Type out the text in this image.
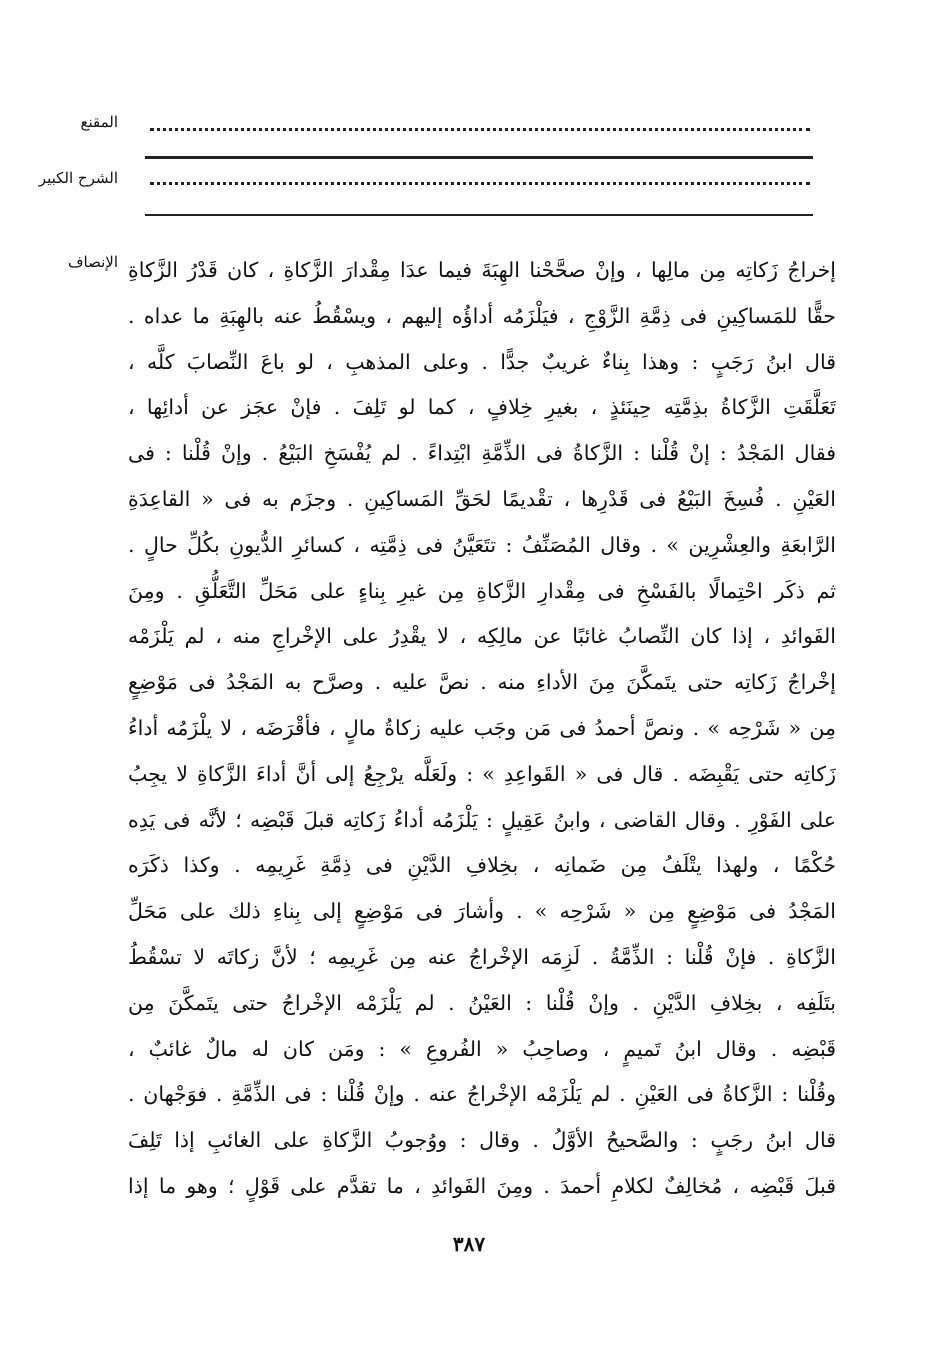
المقنع
الشرح الكبير
الإنصاف إخراجُ زَكاتِه مِن مالِها ، وإنْ صحَّحْنا الهِبَةَ فيما عدَا مِقْدارَ الزَّكاةِ ، كان قَدْرُ الزَّكاةِ
حقًّا للمَساكِينِ فى ذِمَّةِ الزَّوْجِ ، فيَلْزَمُه أداؤُه إليهم ، ويسْقُطُ عنه بالهِبَةِ ما عداه .
قال ابنُ رَجَبٍ : وهذا بِناءٌ غريبٌ جدًّا . وعلى المذهبِ ، لو باعَ النِّصابَ كلَّه ،
تَعَلَّقَتِ الزَّكاةُ بذِمَّتِه حِينَئذٍ ، بغيرِ خِلافٍ ، كما لو تَلِفَ . فإنْ عجَز عن أدائِها ،
فقال المَجْدُ : إنْ قُلْنا : الزَّكاةُ فى الذِّمَّةِ ابْتِداءً . لم يُفْسَخِ البَيْعُ . وإنْ قُلْنا : فى
العَيْنِ . فُسِخَ البَيْعُ فى قَدْرِها ، تقْديمًا لحَقِّ المَساكِينِ . وجزَم به فى « القاعِدَةِ
الرَّابعَةِ والعِشْرِين » . وقال المُصَنِّفُ : تتَعَيَّنُ فى ذِمَّتِه ، كسائرِ الدُّيونِ بكُلِّ حالٍ .
ثم ذكَر احْتِمالًا بالفَسْخِ فى مِقْدارِ الزَّكاةِ مِن غيرِ بِناءٍ على مَحَلِّ التَّعَلُّقِ . ومِنَ
الفَوائدِ ، إذا كان النِّصابُ غائبًا عن مالِكِه ، لا يقْدِرُ على الإخْراجِ منه ، لم يَلْزَمْه
إخْراجُ زَكاتِه حتى يتَمكَّنَ مِنَ الأداءِ منه . نصَّ عليه . وصرَّح به المَجْدُ فى مَوْضِعٍ
مِن « شَرْحِه » . ونصَّ أحمدُ فى مَن وجَب عليه زكاةُ مالٍ ، فأقْرَضَه ، لا يلْزَمُه أداءُ
زَكاتِه حتى يَقْبِضَه . قال فى « القَواعِدِ » : ولَعَلَّه يرْجِعُ إلى أنَّ أداءَ الزَّكاةِ لا يجِبُ
على الفَوْرِ . وقال القاضى ، وابنُ عَقِيلٍ : يَلْزَمُه أداءُ زَكاتِه قبلَ قَبْضِه ؛ لأنَّه فى يَدِه
حُكْمًا ، ولهذا يتْلَفُ مِن ضَمانِه ، بخِلافِ الدَّيْنِ فى ذِمَّةِ غَرِيمِه . وكذا ذكَرَه
المَجْدُ فى مَوْضِعٍ مِن « شَرْحِه » . وأشارَ فى مَوْضِعٍ إلى بِناءِ ذلك على مَحَلِّ
الزَّكاةِ . فإنْ قُلْنا : الذِّمَّةُ . لَزِمَه الإخْراجُ عنه مِن غَرِيمِه ؛ لأنَّ زكاتَه لا تسْقُطُ
بتَلَفِه ، بخِلافِ الدَّيْنِ . وإنْ قُلْنا : العَيْنُ . لم يَلْزَمْه الإخْراجُ حتى يتَمكَّنَ مِن
قَبْضِه . وقال ابنُ تَميمٍ ، وصاحِبُ « الفُروعِ » : ومَن كان له مالٌ غائبٌ ،
وقُلْنا : الزَّكاةُ فى العَيْنِ . لم يَلْزَمْه الإخْراجُ عنه . وإنْ قُلْنا : فى الذِّمَّةِ . فوَجْهان .
قال ابنُ رجَبٍ : والصَّحيحُ الأوَّلُ . وقال : ووُجوبُ الزَّكاةِ على الغائبِ إذا تَلِفَ
قبلَ قَبْضِه ، مُخالِفٌ لكلامِ أحمدَ . ومِنَ الفَوائدِ ، ما تقدَّم على قَوْلٍ ؛ وهو ما إذا
٣٨٧
